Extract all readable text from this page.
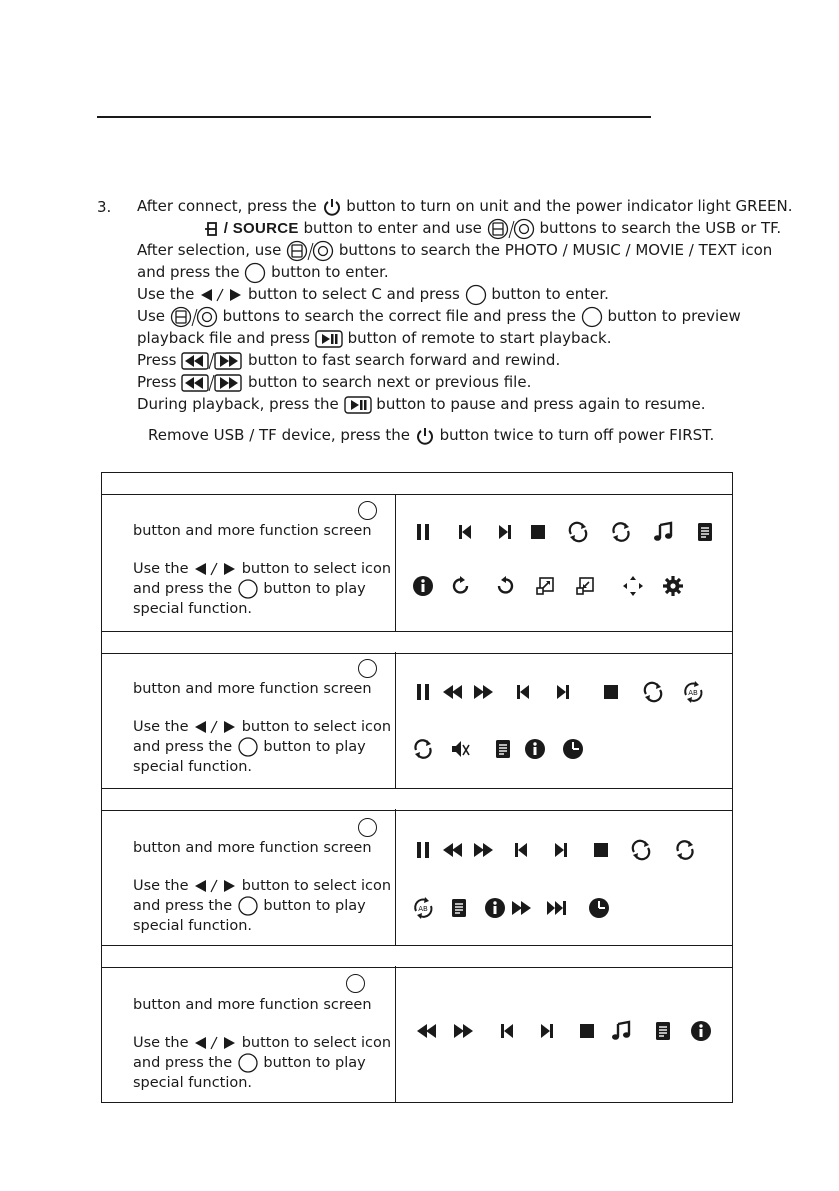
3. After connect, press the button to turn on unit and the power indicator light GREEN.
/ SOURCE button to enter and use	buttons to search the USB or TF.
After selection, use	buttons to search the PHOTO / MUSIC / MOVIE / TEXT icon
and press the button to enter.
Use the	button to select C and press button to enter.
Use	buttons to search the correct file and press the button to preview
playback file and press	button of remote to start playback.
Press	button to fast search forward and rewind.
Press	button to search next or previous file.
During playback, press the	button to pause and press again to resume.
Remove USB / TF device, press the button twice to turn off power FIRST.

button and more function screen

Use the	button to select icon

and press the button to play

special function.

button and more function screen

Use the	button to select icon

and press the button to play

special function.

button and more function screen

Use the	button to select icon

and press the button to play

special function.

button and more function screen

Use the	button to select icon

and press the button to play

special function.

AB
AB
